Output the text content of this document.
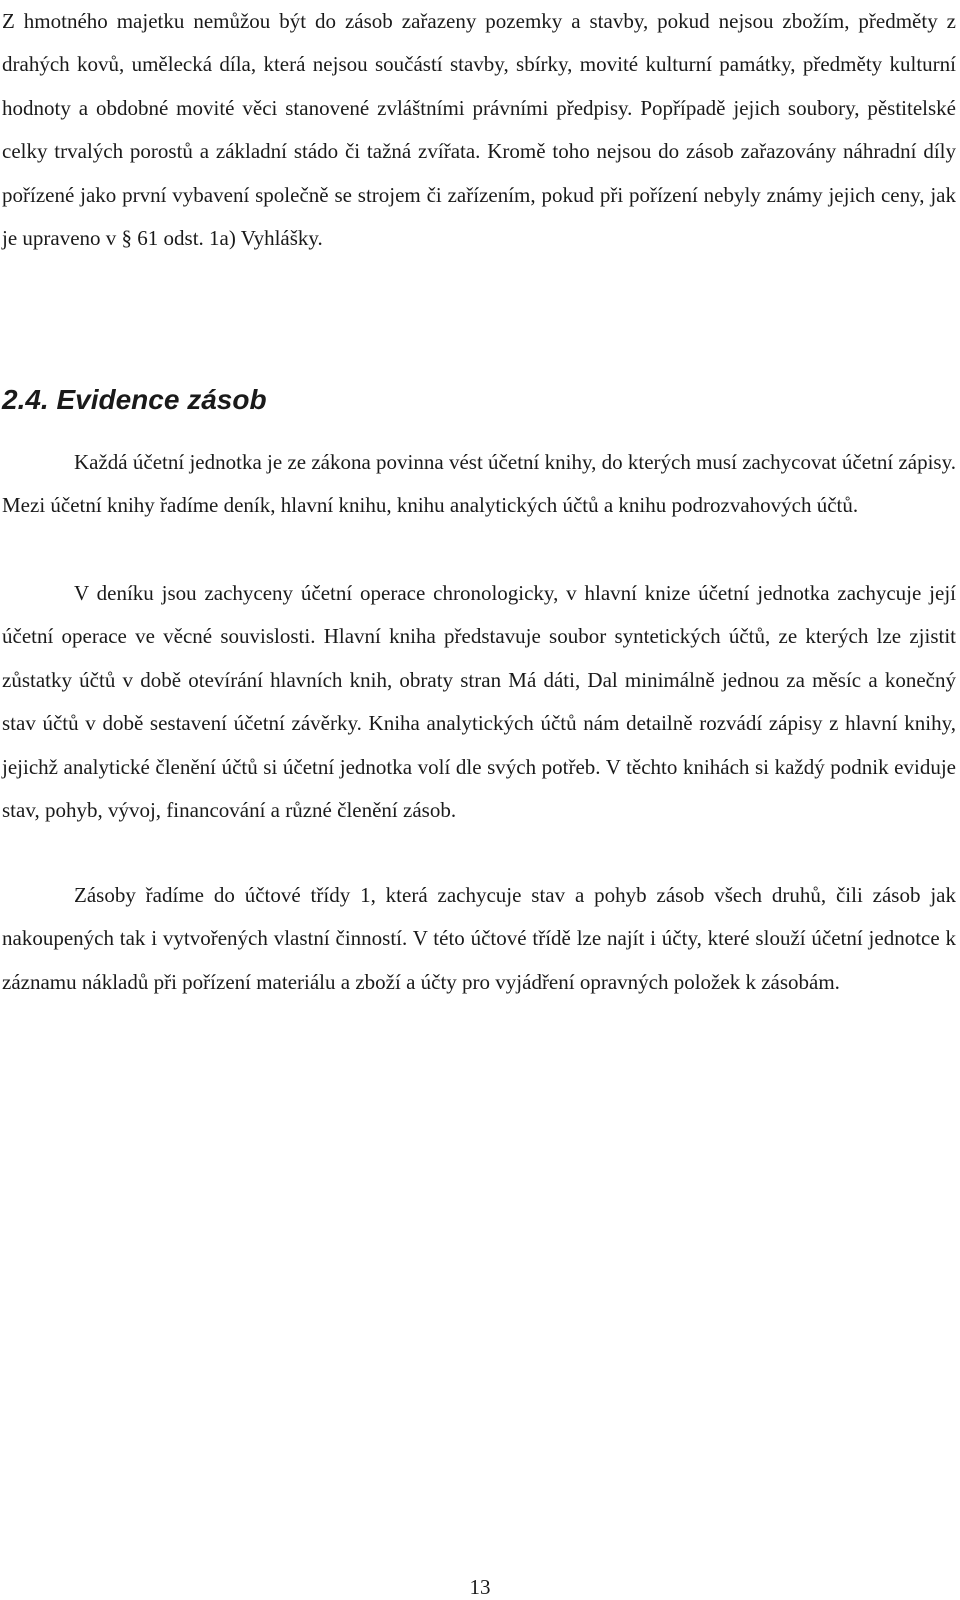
Z hmotného majetku nemůžou být do zásob zařazeny pozemky a stavby, pokud nejsou zbožím, předměty z drahých kovů, umělecká díla, která nejsou součástí stavby, sbírky, movité kulturní památky, předměty kulturní hodnoty a obdobné movité věci stanovené zvláštními právními předpisy. Popřípadě jejich soubory, pěstitelské celky trvalých porostů a základní stádo či tažná zvířata. Kromě toho nejsou do zásob zařazovány náhradní díly pořízené jako první vybavení společně se strojem či zařízením, pokud při pořízení nebyly známy jejich ceny, jak je upraveno v § 61 odst. 1a) Vyhlášky.

2.4. Evidence zásob

Každá účetní jednotka je ze zákona povinna vést účetní knihy, do kterých musí zachycovat účetní zápisy. Mezi účetní knihy řadíme deník, hlavní knihu, knihu analytických účtů a knihu podrozvahových účtů.

V deníku jsou zachyceny účetní operace chronologicky, v hlavní knize účetní jednotka zachycuje její účetní operace ve věcné souvislosti. Hlavní kniha představuje soubor syntetických účtů, ze kterých lze zjistit zůstatky účtů v době otevírání hlavních knih, obraty stran Má dáti, Dal minimálně jednou za měsíc a konečný stav účtů v době sestavení účetní závěrky. Kniha analytických účtů nám detailně rozvádí zápisy z hlavní knihy, jejichž analytické členění účtů si účetní jednotka volí dle svých potřeb. V těchto knihách si každý podnik eviduje stav, pohyb, vývoj, financování a různé členění zásob.

Zásoby řadíme do účtové třídy 1, která zachycuje stav a pohyb zásob všech druhů, čili zásob jak nakoupených tak i vytvořených vlastní činností. V této účtové třídě lze najít i účty, které slouží účetní jednotce k záznamu nákladů při pořízení materiálu a zboží a účty pro vyjádření opravných položek k zásobám.

13
